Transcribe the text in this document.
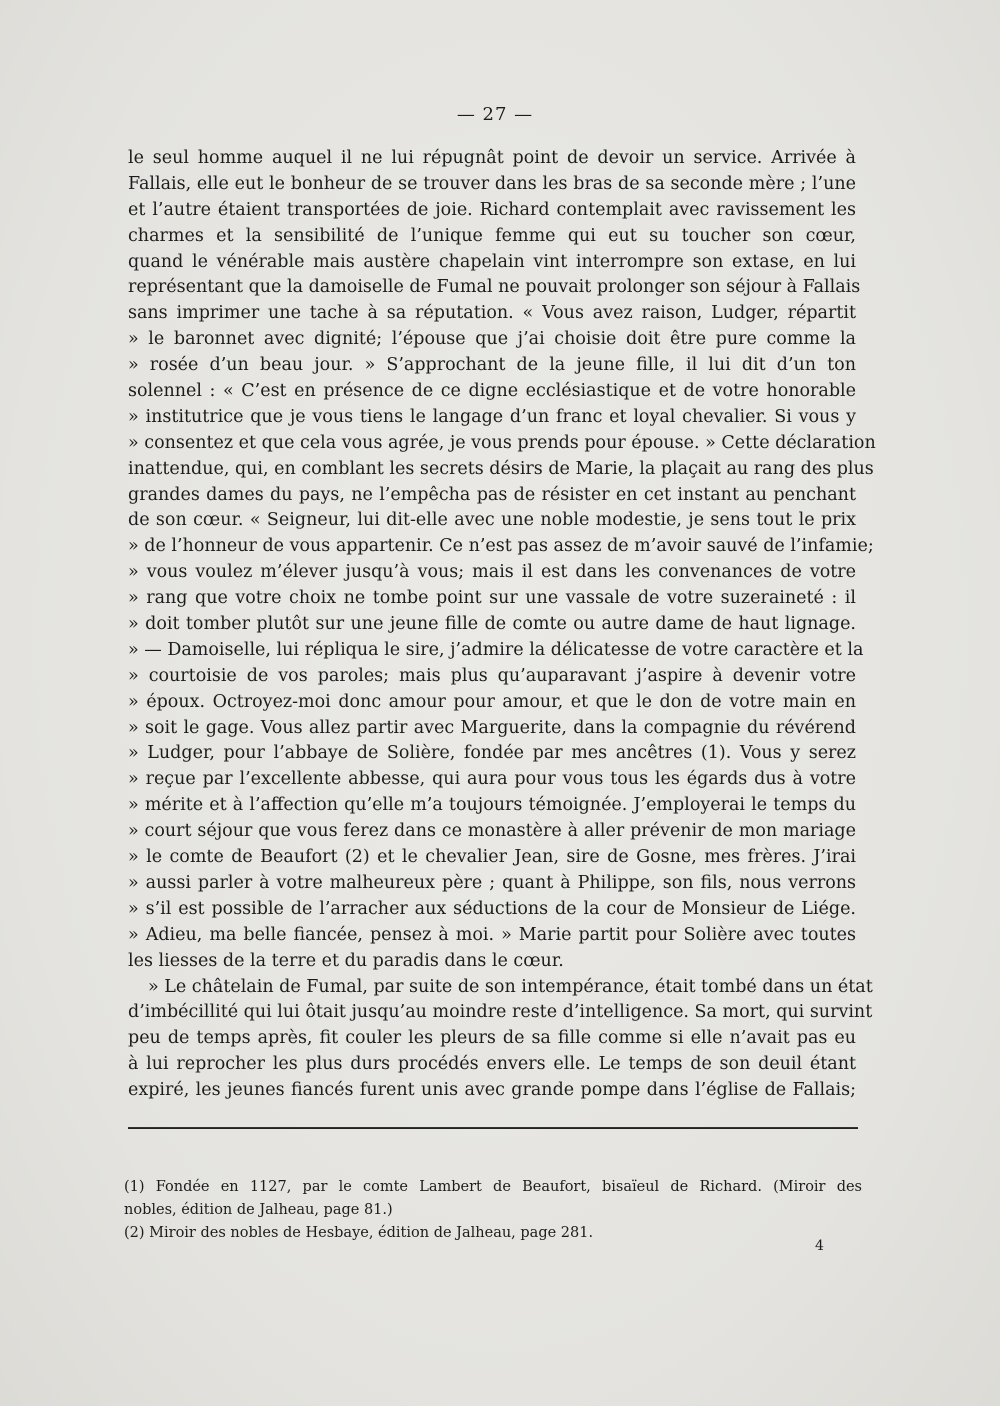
— 27 —
le seul homme auquel il ne lui répugnât point de devoir un service. Arrivée à
Fallais, elle eut le bonheur de se trouver dans les bras de sa seconde mère ; l’une
et l’autre étaient transportées de joie. Richard contemplait avec ravissement les
charmes et la sensibilité de l’unique femme qui eut su toucher son cœur,
quand le vénérable mais austère chapelain vint interrompre son extase, en lui
représentant que la damoiselle de Fumal ne pouvait prolonger son séjour à Fallais
sans imprimer une tache à sa réputation. « Vous avez raison, Ludger, répartit
» le baronnet avec dignité; l’épouse que j’ai choisie doit être pure comme la
» rosée d’un beau jour. » S’approchant de la jeune fille, il lui dit d’un ton
solennel : « C’est en présence de ce digne ecclésiastique et de votre honorable
» institutrice que je vous tiens le langage d’un franc et loyal chevalier. Si vous y
» consentez et que cela vous agrée, je vous prends pour épouse. » Cette déclaration
inattendue, qui, en comblant les secrets désirs de Marie, la plaçait au rang des plus
grandes dames du pays, ne l’empêcha pas de résister en cet instant au penchant
de son cœur. « Seigneur, lui dit-elle avec une noble modestie, je sens tout le prix
» de l’honneur de vous appartenir. Ce n’est pas assez de m’avoir sauvé de l’infamie;
» vous voulez m’élever jusqu’à vous; mais il est dans les convenances de votre
» rang que votre choix ne tombe point sur une vassale de votre suzeraineté : il
» doit tomber plutôt sur une jeune fille de comte ou autre dame de haut lignage.
» — Damoiselle, lui répliqua le sire, j’admire la délicatesse de votre caractère et la
» courtoisie de vos paroles; mais plus qu’auparavant j’aspire à devenir votre
» époux. Octroyez-moi donc amour pour amour, et que le don de votre main en
» soit le gage. Vous allez partir avec Marguerite, dans la compagnie du révérend
» Ludger, pour l’abbaye de Solière, fondée par mes ancêtres (1). Vous y serez
» reçue par l’excellente abbesse, qui aura pour vous tous les égards dus à votre
» mérite et à l’affection qu’elle m’a toujours témoignée. J’employerai le temps du
» court séjour que vous ferez dans ce monastère à aller prévenir de mon mariage
» le comte de Beaufort (2) et le chevalier Jean, sire de Gosne, mes frères. J’irai
» aussi parler à votre malheureux père ; quant à Philippe, son fils, nous verrons
» s’il est possible de l’arracher aux séductions de la cour de Monsieur de Liége.
» Adieu, ma belle fiancée, pensez à moi. » Marie partit pour Solière avec toutes
les liesses de la terre et du paradis dans le cœur.
» Le châtelain de Fumal, par suite de son intempérance, était tombé dans un état
d’imbécillité qui lui ôtait jusqu’au moindre reste d’intelligence. Sa mort, qui survint
peu de temps après, fit couler les pleurs de sa fille comme si elle n’avait pas eu
à lui reprocher les plus durs procédés envers elle. Le temps de son deuil étant
expiré, les jeunes fiancés furent unis avec grande pompe dans l’église de Fallais;
(1) Fondée en 1127, par le comte Lambert de Beaufort, bisaïeul de Richard. (Miroir des
nobles, édition de Jalheau, page 81.)
(2) Miroir des nobles de Hesbaye, édition de Jalheau, page 281.
4
